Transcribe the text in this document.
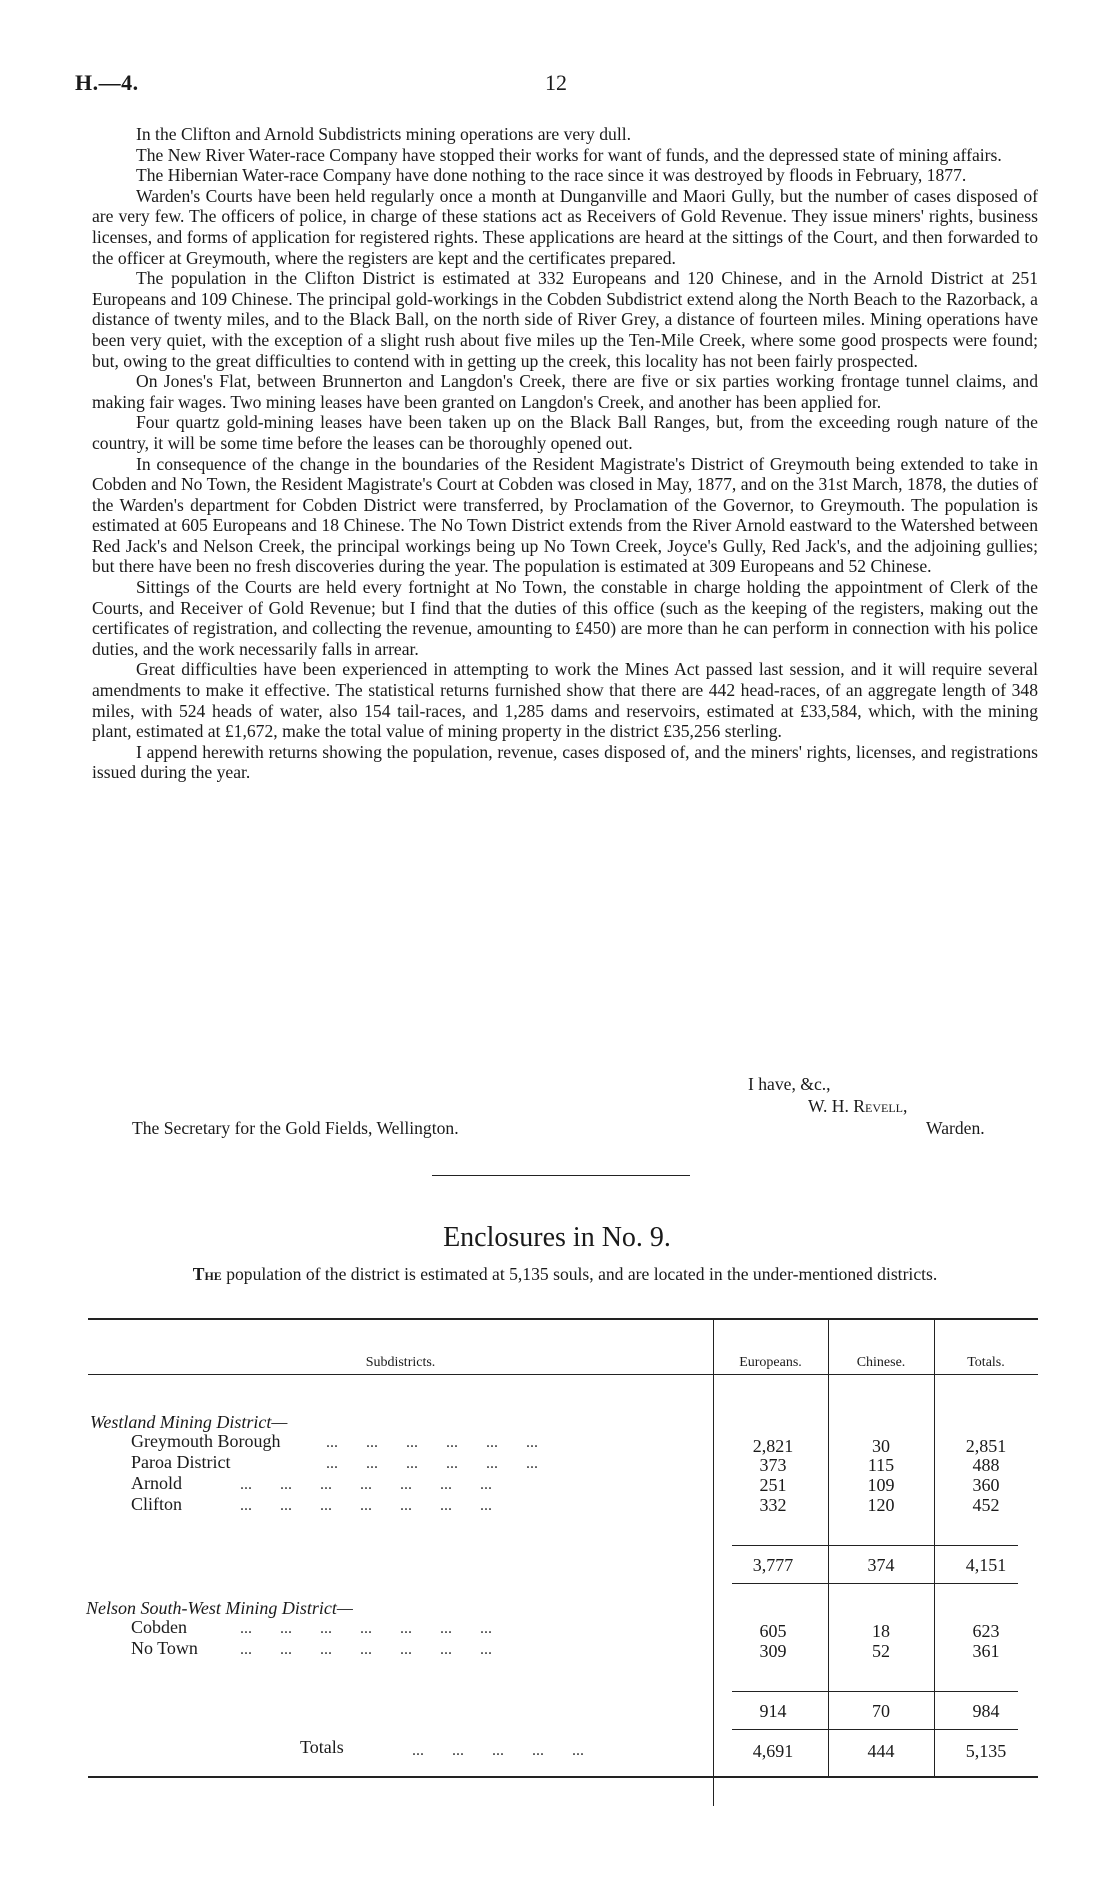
H.—4.	12

In the Clifton and Arnold Subdistricts mining operations are very dull.

The New River Water-race Company have stopped their works for want of funds, and the depressed state of mining affairs.

The Hibernian Water-race Company have done nothing to the race since it was destroyed by floods in February, 1877.

Warden's Courts have been held regularly once a month at Dunganville and Maori Gully, but the number of cases disposed of are very few. The officers of police, in charge of these stations act as Receivers of Gold Revenue. They issue miners' rights, business licenses, and forms of application for registered rights. These applications are heard at the sittings of the Court, and then forwarded to the officer at Greymouth, where the registers are kept and the certificates prepared.

The population in the Clifton District is estimated at 332 Europeans and 120 Chinese, and in the Arnold District at 251 Europeans and 109 Chinese. The principal gold-workings in the Cobden Subdistrict extend along the North Beach to the Razorback, a distance of twenty miles, and to the Black Ball, on the north side of River Grey, a distance of fourteen miles. Mining operations have been very quiet, with the exception of a slight rush about five miles up the Ten-Mile Creek, where some good prospects were found; but, owing to the great difficulties to contend with in getting up the creek, this locality has not been fairly prospected.

On Jones's Flat, between Brunnerton and Langdon's Creek, there are five or six parties working frontage tunnel claims, and making fair wages. Two mining leases have been granted on Langdon's Creek, and another has been applied for.

Four quartz gold-mining leases have been taken up on the Black Ball Ranges, but, from the exceeding rough nature of the country, it will be some time before the leases can be thoroughly opened out.

In consequence of the change in the boundaries of the Resident Magistrate's District of Greymouth being extended to take in Cobden and No Town, the Resident Magistrate's Court at Cobden was closed in May, 1877, and on the 31st March, 1878, the duties of the Warden's department for Cobden District were transferred, by Proclamation of the Governor, to Greymouth. The population is estimated at 605 Europeans and 18 Chinese. The No Town District extends from the River Arnold eastward to the Watershed between Red Jack's and Nelson Creek, the principal workings being up No Town Creek, Joyce's Gully, Red Jack's, and the adjoining gullies; but there have been no fresh discoveries during the year. The population is estimated at 309 Europeans and 52 Chinese.

Sittings of the Courts are held every fortnight at No Town, the constable in charge holding the appointment of Clerk of the Courts, and Receiver of Gold Revenue; but I find that the duties of this office (such as the keeping of the registers, making out the certificates of registration, and collecting the revenue, amounting to £450) are more than he can perform in connection with his police duties, and the work necessarily falls in arrear.

Great difficulties have been experienced in attempting to work the Mines Act passed last session, and it will require several amendments to make it effective. The statistical returns furnished show that there are 442 head-races, of an aggregate length of 348 miles, with 524 heads of water, also 154 tail-races, and 1,285 dams and reservoirs, estimated at £33,584, which, with the mining plant, estimated at £1,672, make the total value of mining property in the district £35,256 sterling.

I append herewith returns showing the population, revenue, cases disposed of, and the miners' rights, licenses, and registrations issued during the year.

I have, &c.,
W. H. Revell,
Warden.
The Secretary for the Gold Fields, Wellington.
Enclosures in No. 9.
The population of the district is estimated at 5,135 souls, and are located in the under-mentioned districts.
Subdistricts.	Europeans.	Chinese.	Totals.
Westland Mining District—
Greymouth Borough	...       ...       ...       ...       ...       ...	2,821	30	2,851
Paroa District	...       ...       ...       ...       ...       ...	373	115	488
Arnold	...       ...       ...       ...       ...       ...       ...	251	109	360
Clifton	...       ...       ...       ...       ...       ...       ...	332	120	452
3,777	374	4,151
Nelson South-West Mining District—
Cobden	...       ...       ...       ...       ...       ...       ...	605	18	623
No Town	...       ...       ...       ...       ...       ...       ...	309	52	361
914	70	984
Totals	...       ...       ...       ...       ...	4,691	444	5,135
